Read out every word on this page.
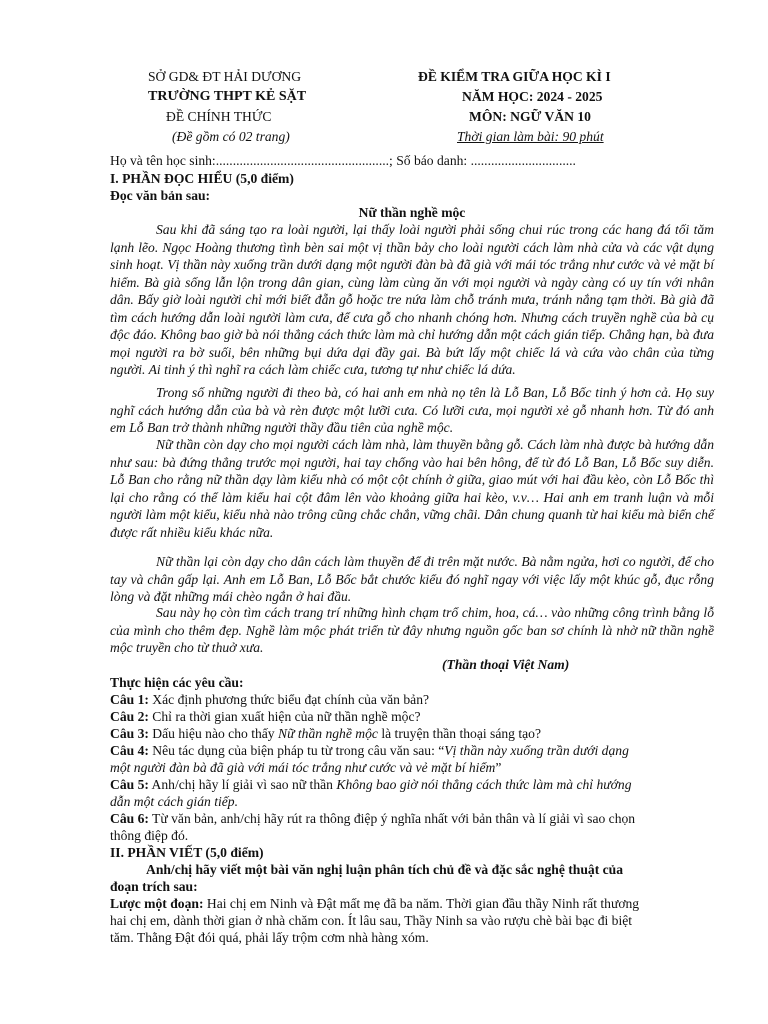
SỞ GD& ĐT HẢI DƯƠNG
TRƯỜNG THPT KẺ SẶT
ĐỀ CHÍNH THỨC
(Đề gồm có 02 trang)
ĐỀ KIỂM TRA GIỮA HỌC KÌ I
NĂM HỌC: 2024 - 2025
MÔN: NGỮ VĂN 10
Thời gian làm bài: 90 phút
Họ và tên học sinh:...................................................; Số báo danh: ...............................
I. PHẦN ĐỌC HIỂU (5,0 điểm)
Đọc văn bản sau:
Nữ thần nghề mộc

Sau khi đã sáng tạo ra loài người, lại thấy loài người phải sống chui rúc trong các hang đá tối tăm lạnh lẽo. Ngọc Hoàng thương tình bèn sai một vị thần bảy cho loài người cách làm nhà cửa và các vật dụng sinh hoạt. Vị thần này xuống trần dưới dạng một người đàn bà đã già với mái tóc trắng như cước và vẻ mặt bí hiểm. Bà già sống lẫn lộn trong dân gian, cùng làm cùng ăn với mọi người và ngày càng có uy tín với nhân dân. Bấy giờ loài người chỉ mới biết đẵn gỗ hoặc tre nứa làm chỗ tránh mưa, tránh nắng tạm thời. Bà già đã tìm cách hướng dẫn loài người làm cưa, để cưa gỗ cho nhanh chóng hơn. Nhưng cách truyền nghề của bà cụ độc đáo. Không bao giờ bà nói thẳng cách thức làm mà chỉ hướng dẫn một cách gián tiếp. Chẳng hạn, bà đưa mọi người ra bờ suối, bên những bụi dứa dại đầy gai. Bà bứt lấy một chiếc lá và cứa vào chân của từng người. Ai tinh ý thì nghĩ ra cách làm chiếc cưa, tương tự như chiếc lá dứa.

Trong số những người đi theo bà, có hai anh em nhà nọ tên là Lỗ Ban, Lỗ Bốc tinh ý hơn cả. Họ suy nghĩ cách hướng dẫn của bà và rèn được một lưỡi cưa. Có lưỡi cưa, mọi người xẻ gỗ nhanh hơn. Từ đó anh em Lỗ Ban trở thành những người thầy đầu tiên của nghề mộc.

Nữ thần còn dạy cho mọi người cách làm nhà, làm thuyền bằng gỗ. Cách làm nhà được bà hướng dẫn như sau: bà đứng thẳng trước mọi người, hai tay chống vào hai bên hông, để từ đó Lỗ Ban, Lỗ Bốc suy diễn. Lỗ Ban cho rằng nữ thần dạy làm kiểu nhà có một cột chính ở giữa, giao mút với hai đầu kèo, còn Lỗ Bốc thì lại cho rằng có thể làm kiểu hai cột đâm lên vào khoảng giữa hai kèo, v.v… Hai anh em tranh luận và mỗi người làm một kiểu, kiểu nhà nào trông cũng chắc chắn, vững chãi. Dân chung quanh từ hai kiểu mà biến chế được rất nhiều kiểu khác nữa.

Nữ thần lại còn dạy cho dân cách làm thuyền để đi trên mặt nước. Bà nằm ngửa, hơi co người, để cho tay và chân gấp lại. Anh em Lỗ Ban, Lỗ Bốc bắt chước kiểu đó nghĩ ngay với việc lấy một khúc gỗ, đục rỗng lòng và đặt những mái chèo ngắn ở hai đầu.

Sau này họ còn tìm cách trang trí những hình chạm trổ chim, hoa, cá… vào những công trình bằng lỗ của mình cho thêm đẹp. Nghề làm mộc phát triển từ đây nhưng nguồn gốc ban sơ chính là nhờ nữ thần nghề mộc truyền cho từ thuở xưa.

(Thần thoại Việt Nam)
Thực hiện các yêu cầu:
Câu 1: Xác định phương thức biểu đạt chính của văn bản?
Câu 2: Chỉ ra thời gian xuất hiện của nữ thần nghề mộc?
Câu 3: Dấu hiệu nào cho thấy Nữ thần nghề mộc là truyện thần thoại sáng tạo?
Câu 4: Nêu tác dụng của biện pháp tu từ trong câu văn sau: “Vị thần này xuống trần dưới dạng
một người đàn bà đã già với mái tóc trắng như cước và vẻ mặt bí hiểm”
Câu 5: Anh/chị hãy lí giải vì sao nữ thần Không bao giờ nói thẳng cách thức làm mà chỉ hướng
dẫn một cách gián tiếp.
Câu 6: Từ văn bản, anh/chị hãy rút ra thông điệp ý nghĩa nhất với bản thân và lí giải vì sao chọn
thông điệp đó.
II. PHẦN VIẾT (5,0 điểm)
Anh/chị hãy viết một bài văn nghị luận phân tích chủ đề và đặc sắc nghệ thuật của
đoạn trích sau:
Lược một đoạn: Hai chị em Ninh và Đật mất mẹ đã ba năm. Thời gian đầu thầy Ninh rất thương
hai chị em, dành thời gian ở nhà chăm con. Ít lâu sau, Thầy Ninh sa vào rượu chè bài bạc đi biệt
tăm. Thằng Đật đói quá, phải lấy trộm cơm nhà hàng xóm.
